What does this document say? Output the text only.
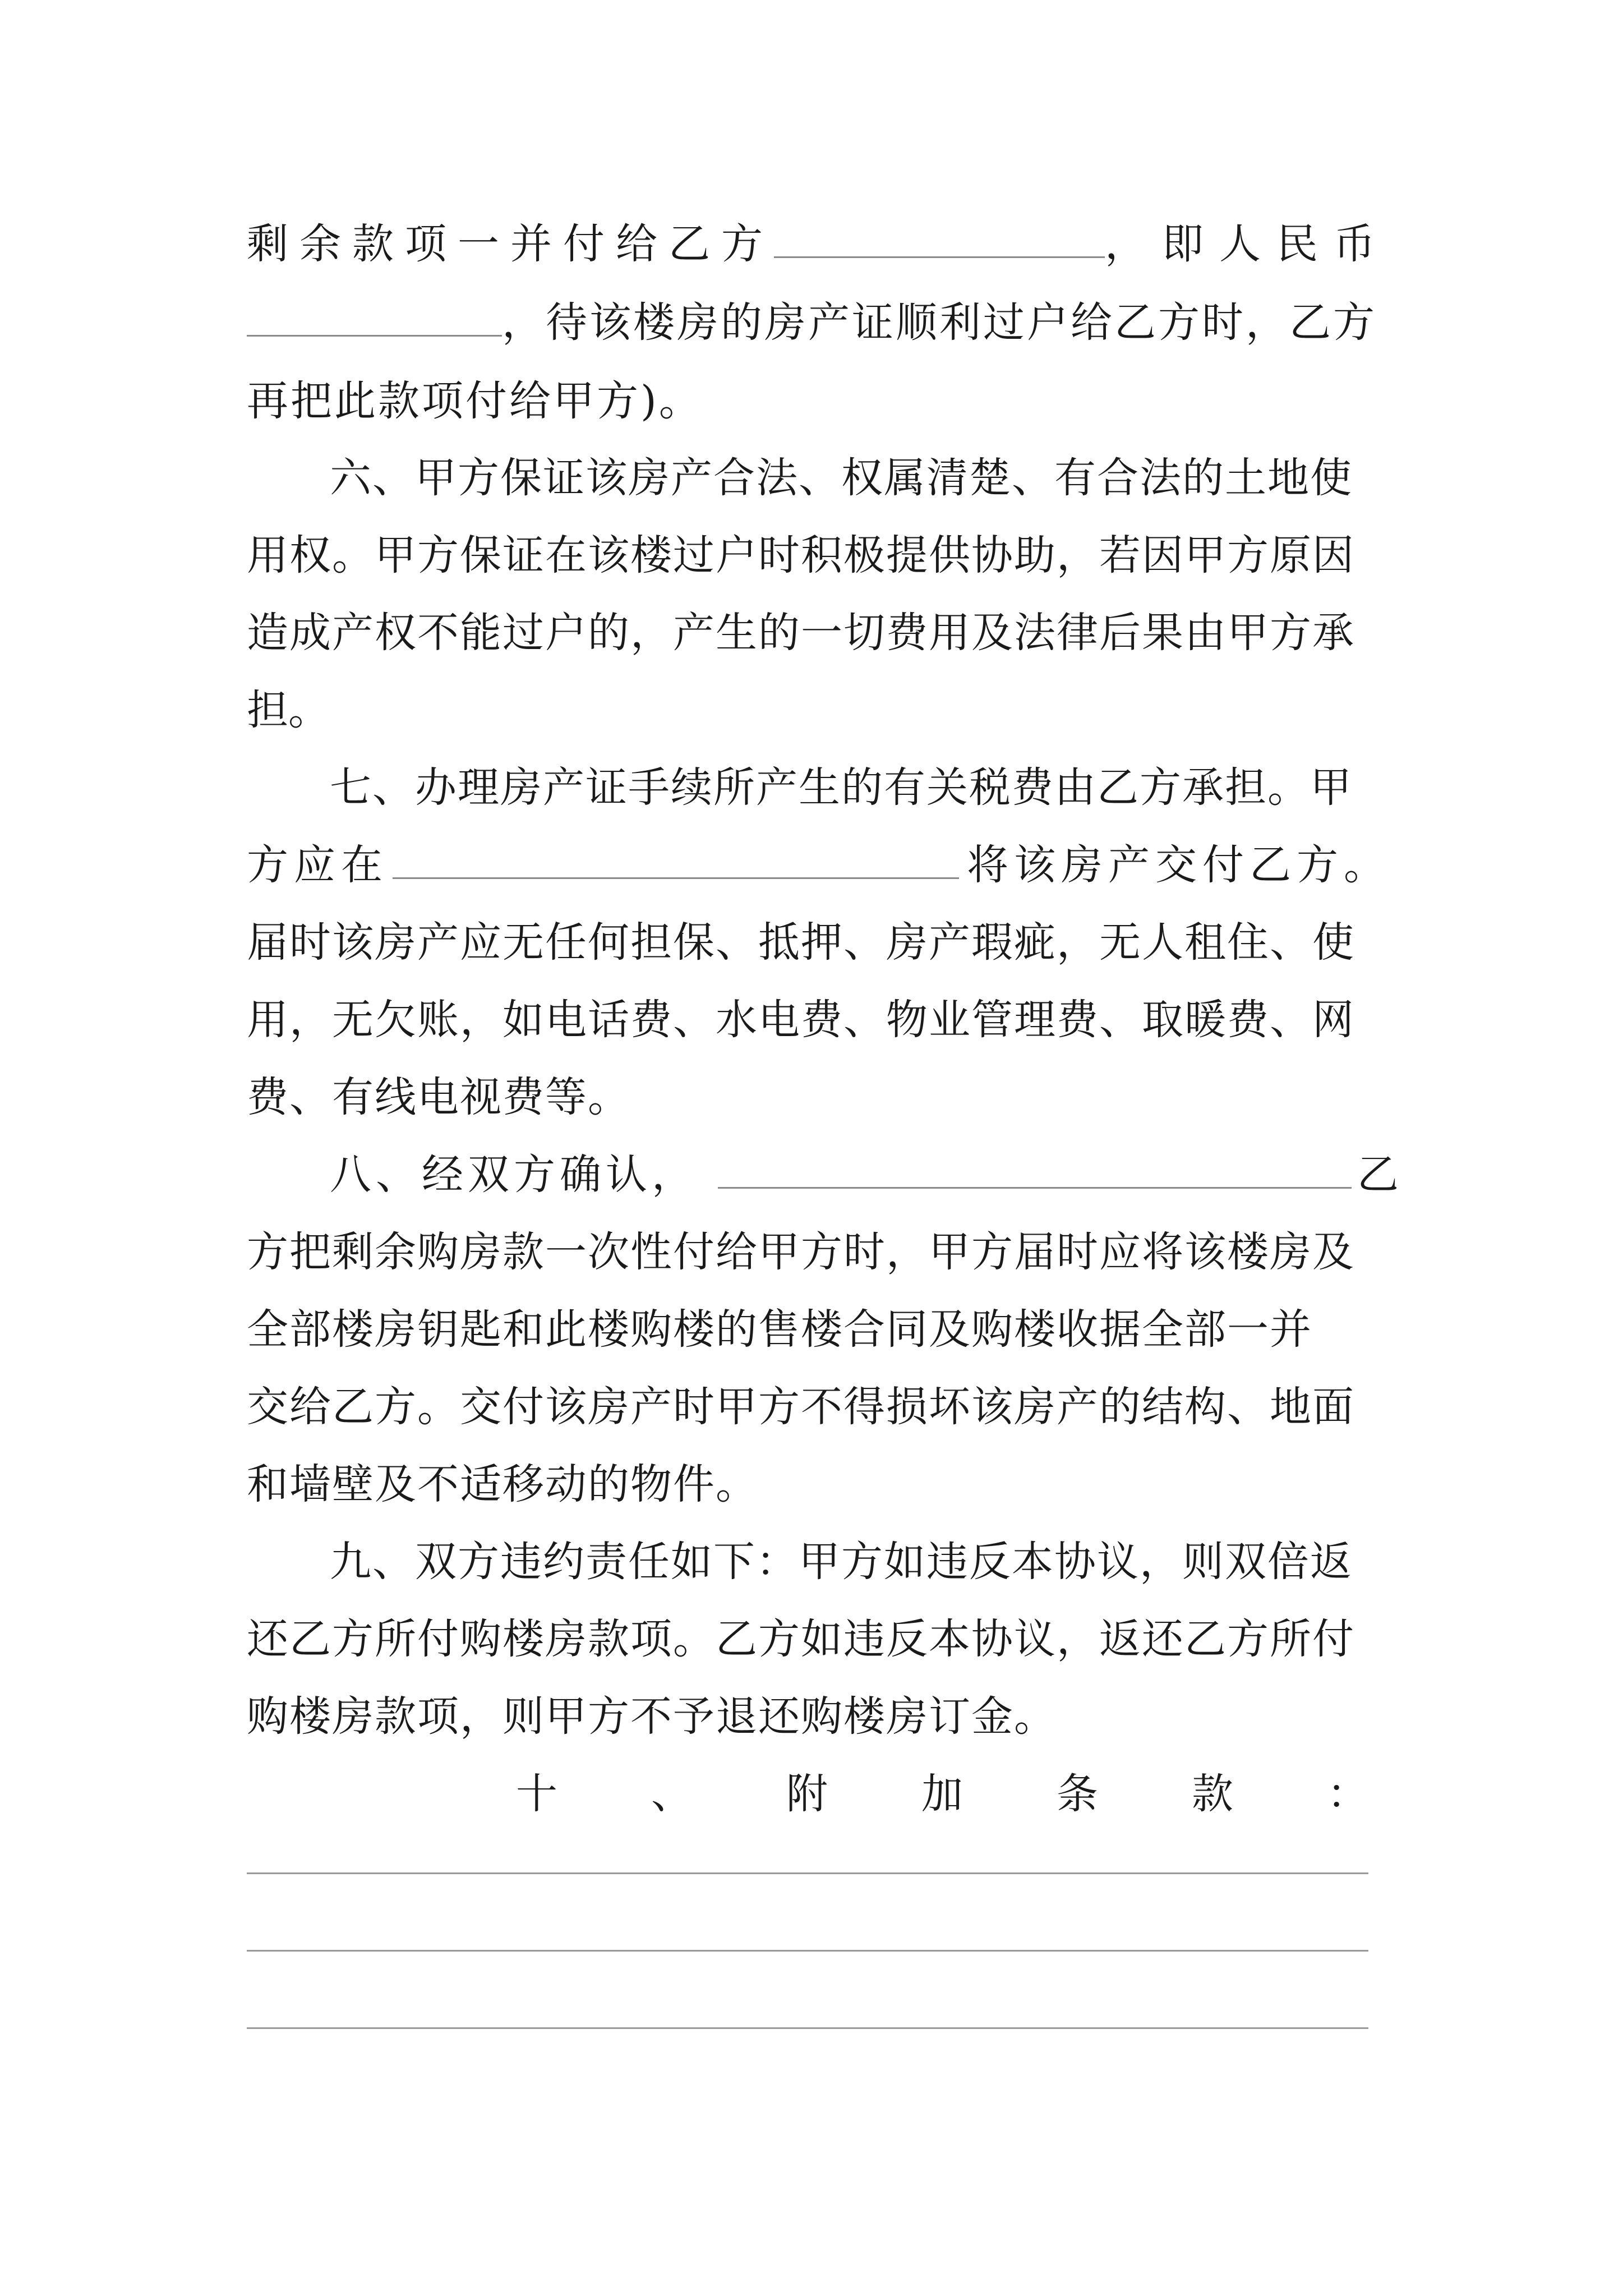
剩余款项一并付给乙方	，即人民币
，待该楼房的房产证顺利过户给乙方时，乙方
再把此款项付给甲方)。
六、甲方保证该房产合法、权属清楚、有合法的土地使
用权。甲方保证在该楼过户时积极提供协助，若因甲方原因
造成产权不能过户的，产生的一切费用及法律后果由甲方承
担。
七、办理房产证手续所产生的有关税费由乙方承担。甲
方应在	将该房产交付乙方。
届时该房产应无任何担保、抵押、房产瑕疵，无人租住、使
用，无欠账，如电话费、水电费、物业管理费、取暖费、网
费、有线电视费等。
八、经双方确认，	乙
方把剩余购房款一次性付给甲方时，甲方届时应将该楼房及
全部楼房钥匙和此楼购楼的售楼合同及购楼收据全部一并
交给乙方。交付该房产时甲方不得损坏该房产的结构、地面
和墙壁及不适移动的物件。
九、双方违约责任如下：甲方如违反本协议，则双倍返
还乙方所付购楼房款项。乙方如违反本协议，返还乙方所付
购楼房款项，则甲方不予退还购楼房订金。
十 、 附 加 条 款 ：
